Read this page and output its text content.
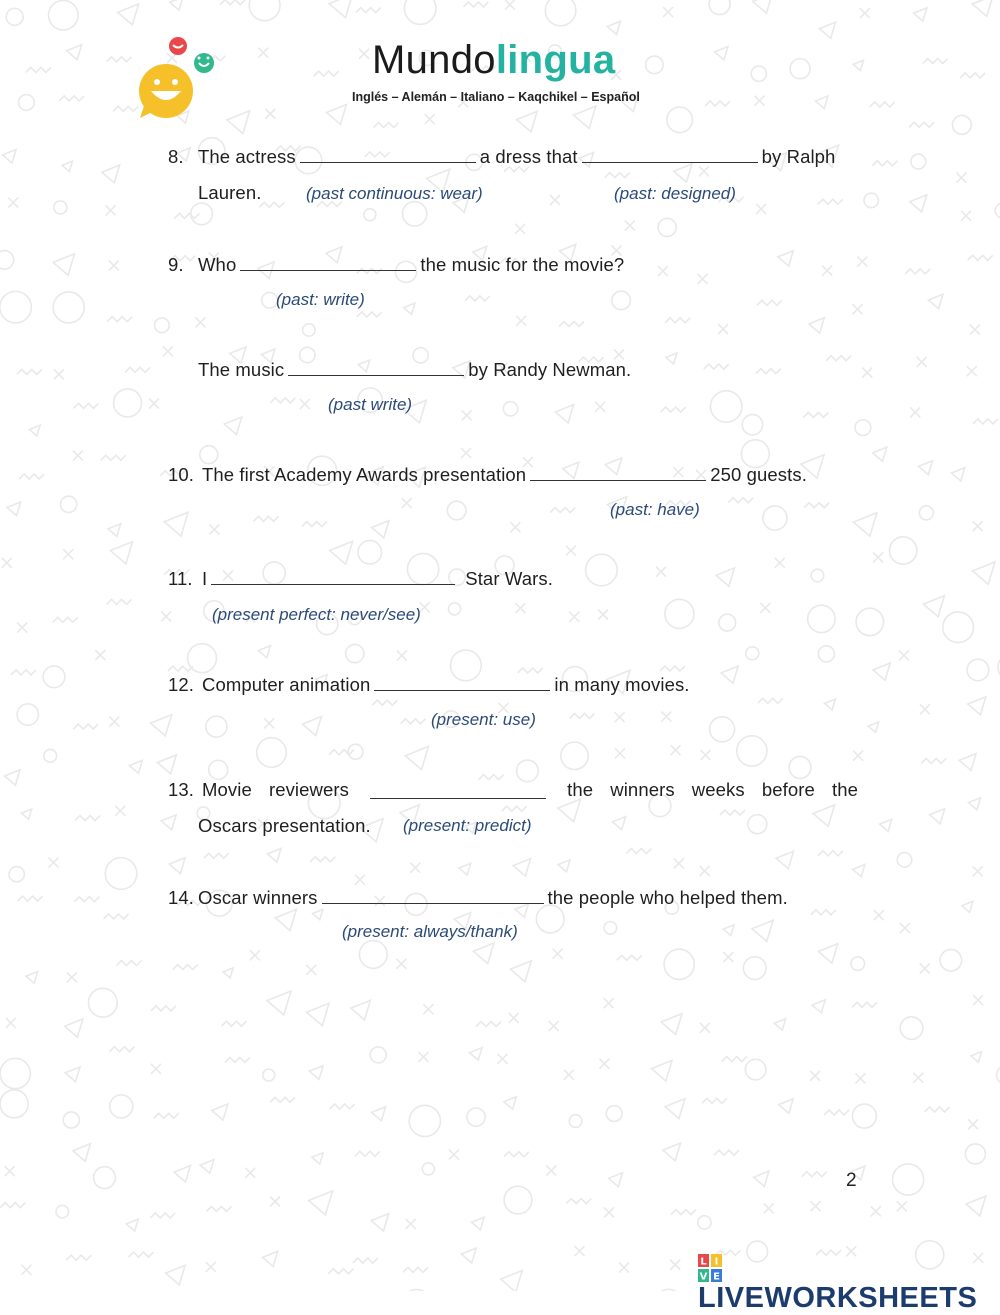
Mundolingua
Inglés – Alemán – Italiano – Kaqchikel – Español
8. The actress	a dress that	by Ralph
Lauren.	(past continuous: wear)	(past: designed)
9. Who	the music for the movie?
(past: write)
The music	by Randy Newman.
(past write)
10. The first Academy Awards presentation	250 guests.
(past: have)
11. I	Star Wars.
(present perfect: never/see)
12. Computer animation	in many movies.
(present: use)
13. Movie reviewers	the winners weeks before the
Oscars presentation. (present: predict)
14. Oscar winners	the people who helped them.
(present: always/thank)
2
L I
V E
LIVEWORKSHEETS
